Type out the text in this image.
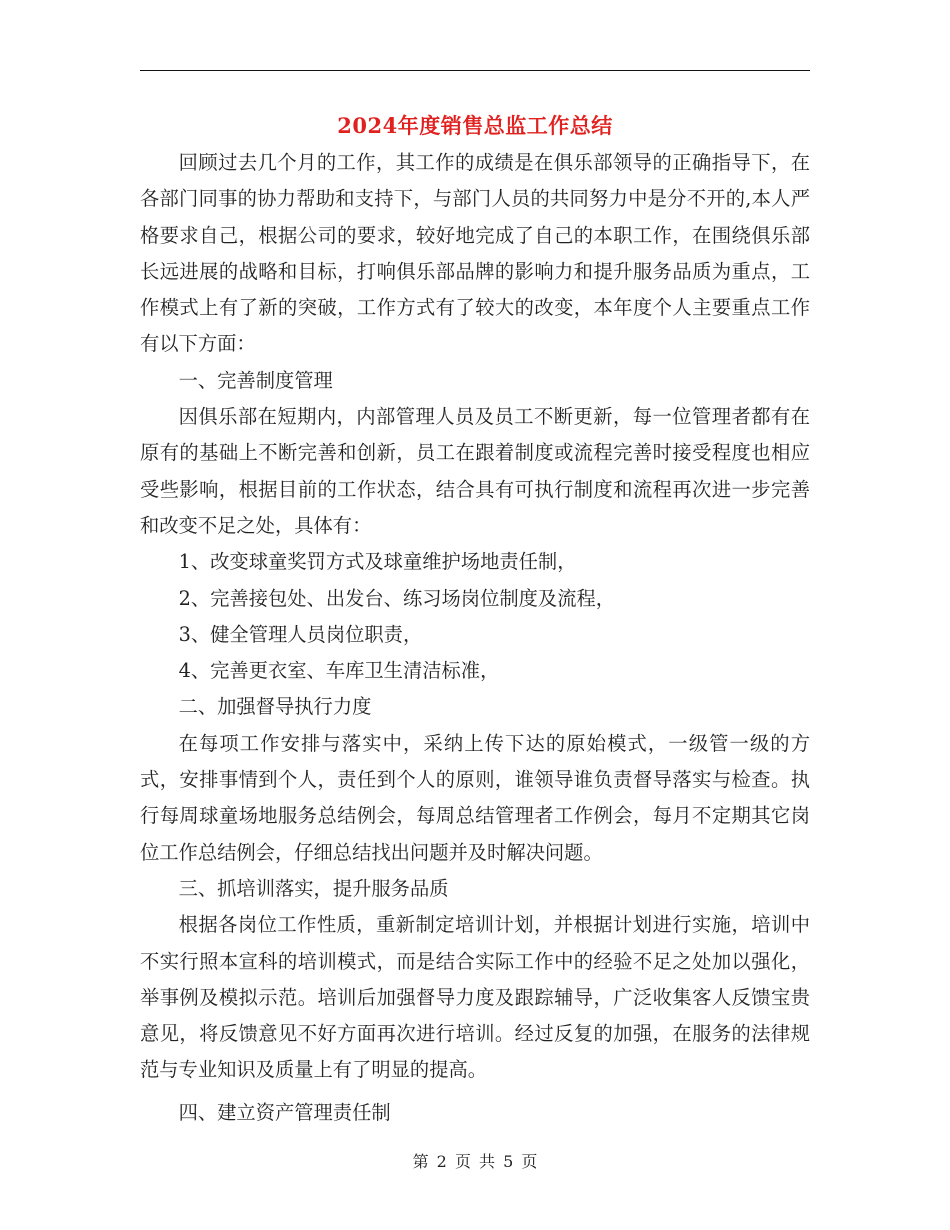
2024年度销售总监工作总结

回顾过去几个月的工作，其工作的成绩是在俱乐部领导的正确指导下，在各部门同事的协力帮助和支持下，与部门人员的共同努力中是分不开的,本人严格要求自己，根据公司的要求，较好地完成了自己的本职工作，在围绕俱乐部长远进展的战略和目标，打响俱乐部品牌的影响力和提升服务品质为重点，工作模式上有了新的突破，工作方式有了较大的改变，本年度个人主要重点工作有以下方面：

一、完善制度管理

因俱乐部在短期内，内部管理人员及员工不断更新，每一位管理者都有在原有的基础上不断完善和创新，员工在跟着制度或流程完善时接受程度也相应受些影响，根据目前的工作状态，结合具有可执行制度和流程再次进一步完善和改变不足之处，具体有：

1、改变球童奖罚方式及球童维护场地责任制，

2、完善接包处、出发台、练习场岗位制度及流程，

3、健全管理人员岗位职责，

4、完善更衣室、车库卫生清洁标准，

二、加强督导执行力度

在每项工作安排与落实中，采纳上传下达的原始模式，一级管一级的方式，安排事情到个人，责任到个人的原则，谁领导谁负责督导落实与检查。执行每周球童场地服务总结例会，每周总结管理者工作例会，每月不定期其它岗位工作总结例会，仔细总结找出问题并及时解决问题。

三、抓培训落实，提升服务品质

根据各岗位工作性质，重新制定培训计划，并根据计划进行实施，培训中不实行照本宣科的培训模式，而是结合实际工作中的经验不足之处加以强化，举事例及模拟示范。培训后加强督导力度及跟踪辅导，广泛收集客人反馈宝贵意见，将反馈意见不好方面再次进行培训。经过反复的加强，在服务的法律规范与专业知识及质量上有了明显的提高。

四、建立资产管理责任制

第 2 页 共 5 页
